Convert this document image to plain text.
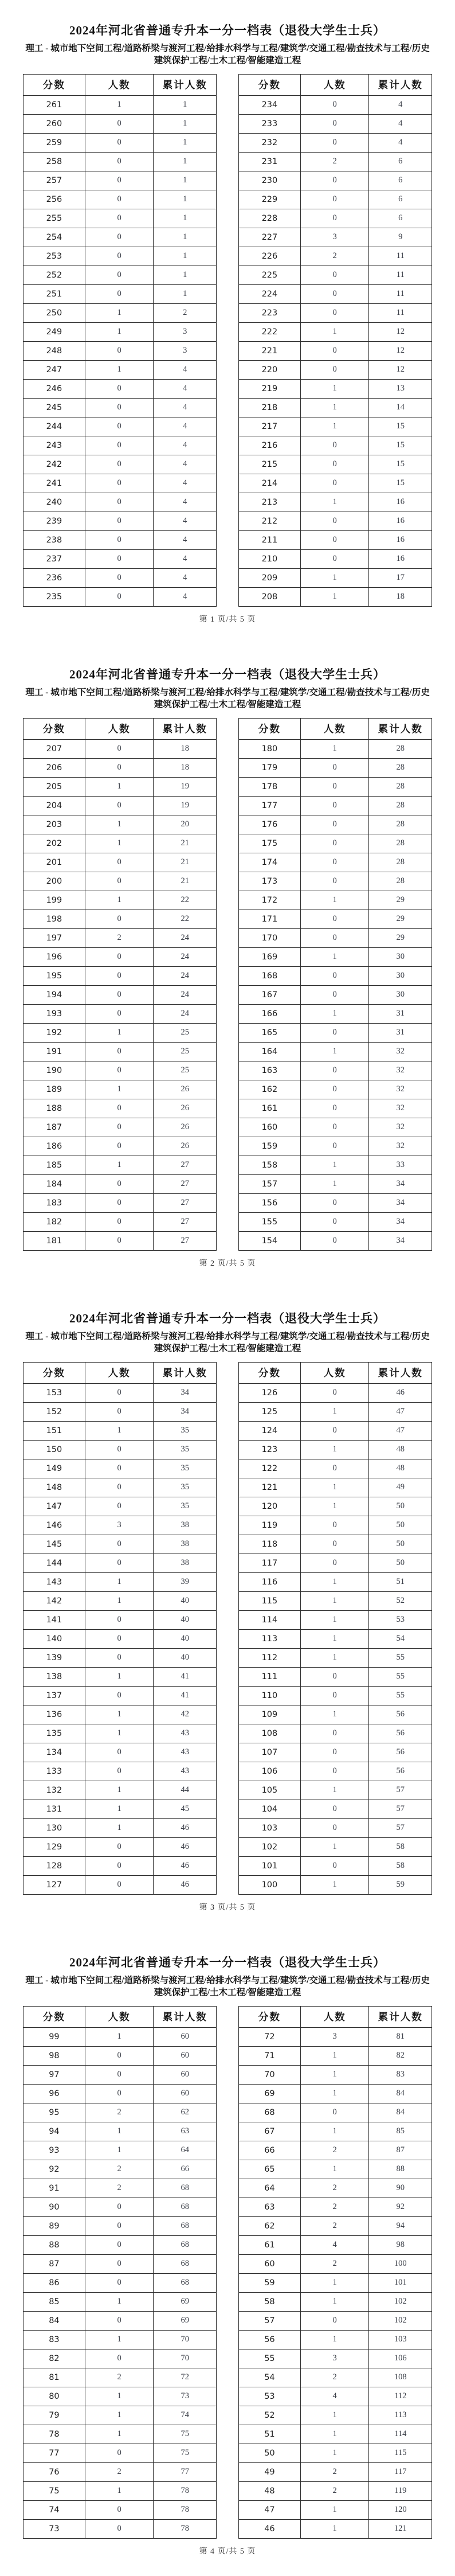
2024年河北省普通专升本一分一档表（退役大学生士兵）

理工 - 城市地下空间工程/道路桥梁与渡河工程/给排水科学与工程/建筑学/交通工程/勘查技术与工程/历史建筑保护工程/土木工程/智能建造工程

分数	人数	累计人数
261	1	1
260	0	1
259	0	1
258	0	1
257	0	1
256	0	1
255	0	1
254	0	1
253	0	1
252	0	1
251	0	1
250	1	2
249	1	3
248	0	3
247	1	4
246	0	4
245	0	4
244	0	4
243	0	4
242	0	4
241	0	4
240	0	4
239	0	4
238	0	4
237	0	4
236	0	4
235	0	4
分数	人数	累计人数
234	0	4
233	0	4
232	0	4
231	2	6
230	0	6
229	0	6
228	0	6
227	3	9
226	2	11
225	0	11
224	0	11
223	0	11
222	1	12
221	0	12
220	0	12
219	1	13
218	1	14
217	1	15
216	0	15
215	0	15
214	0	15
213	1	16
212	0	16
211	0	16
210	0	16
209	1	17
208	1	18
第 1 页/共 5 页
2024年河北省普通专升本一分一档表（退役大学生士兵）

理工 - 城市地下空间工程/道路桥梁与渡河工程/给排水科学与工程/建筑学/交通工程/勘查技术与工程/历史建筑保护工程/土木工程/智能建造工程

分数	人数	累计人数
207	0	18
206	0	18
205	1	19
204	0	19
203	1	20
202	1	21
201	0	21
200	0	21
199	1	22
198	0	22
197	2	24
196	0	24
195	0	24
194	0	24
193	0	24
192	1	25
191	0	25
190	0	25
189	1	26
188	0	26
187	0	26
186	0	26
185	1	27
184	0	27
183	0	27
182	0	27
181	0	27
分数	人数	累计人数
180	1	28
179	0	28
178	0	28
177	0	28
176	0	28
175	0	28
174	0	28
173	0	28
172	1	29
171	0	29
170	0	29
169	1	30
168	0	30
167	0	30
166	1	31
165	0	31
164	1	32
163	0	32
162	0	32
161	0	32
160	0	32
159	0	32
158	1	33
157	1	34
156	0	34
155	0	34
154	0	34
第 2 页/共 5 页
2024年河北省普通专升本一分一档表（退役大学生士兵）

理工 - 城市地下空间工程/道路桥梁与渡河工程/给排水科学与工程/建筑学/交通工程/勘查技术与工程/历史建筑保护工程/土木工程/智能建造工程

分数	人数	累计人数
153	0	34
152	0	34
151	1	35
150	0	35
149	0	35
148	0	35
147	0	35
146	3	38
145	0	38
144	0	38
143	1	39
142	1	40
141	0	40
140	0	40
139	0	40
138	1	41
137	0	41
136	1	42
135	1	43
134	0	43
133	0	43
132	1	44
131	1	45
130	1	46
129	0	46
128	0	46
127	0	46
分数	人数	累计人数
126	0	46
125	1	47
124	0	47
123	1	48
122	0	48
121	1	49
120	1	50
119	0	50
118	0	50
117	0	50
116	1	51
115	1	52
114	1	53
113	1	54
112	1	55
111	0	55
110	0	55
109	1	56
108	0	56
107	0	56
106	0	56
105	1	57
104	0	57
103	0	57
102	1	58
101	0	58
100	1	59
第 3 页/共 5 页
2024年河北省普通专升本一分一档表（退役大学生士兵）

理工 - 城市地下空间工程/道路桥梁与渡河工程/给排水科学与工程/建筑学/交通工程/勘查技术与工程/历史建筑保护工程/土木工程/智能建造工程

分数	人数	累计人数
99	1	60
98	0	60
97	0	60
96	0	60
95	2	62
94	1	63
93	1	64
92	2	66
91	2	68
90	0	68
89	0	68
88	0	68
87	0	68
86	0	68
85	1	69
84	0	69
83	1	70
82	0	70
81	2	72
80	1	73
79	1	74
78	1	75
77	0	75
76	2	77
75	1	78
74	0	78
73	0	78
分数	人数	累计人数
72	3	81
71	1	82
70	1	83
69	1	84
68	0	84
67	1	85
66	2	87
65	1	88
64	2	90
63	2	92
62	2	94
61	4	98
60	2	100
59	1	101
58	1	102
57	0	102
56	1	103
55	3	106
54	2	108
53	4	112
52	1	113
51	1	114
50	1	115
49	2	117
48	2	119
47	1	120
46	1	121
第 4 页/共 5 页
